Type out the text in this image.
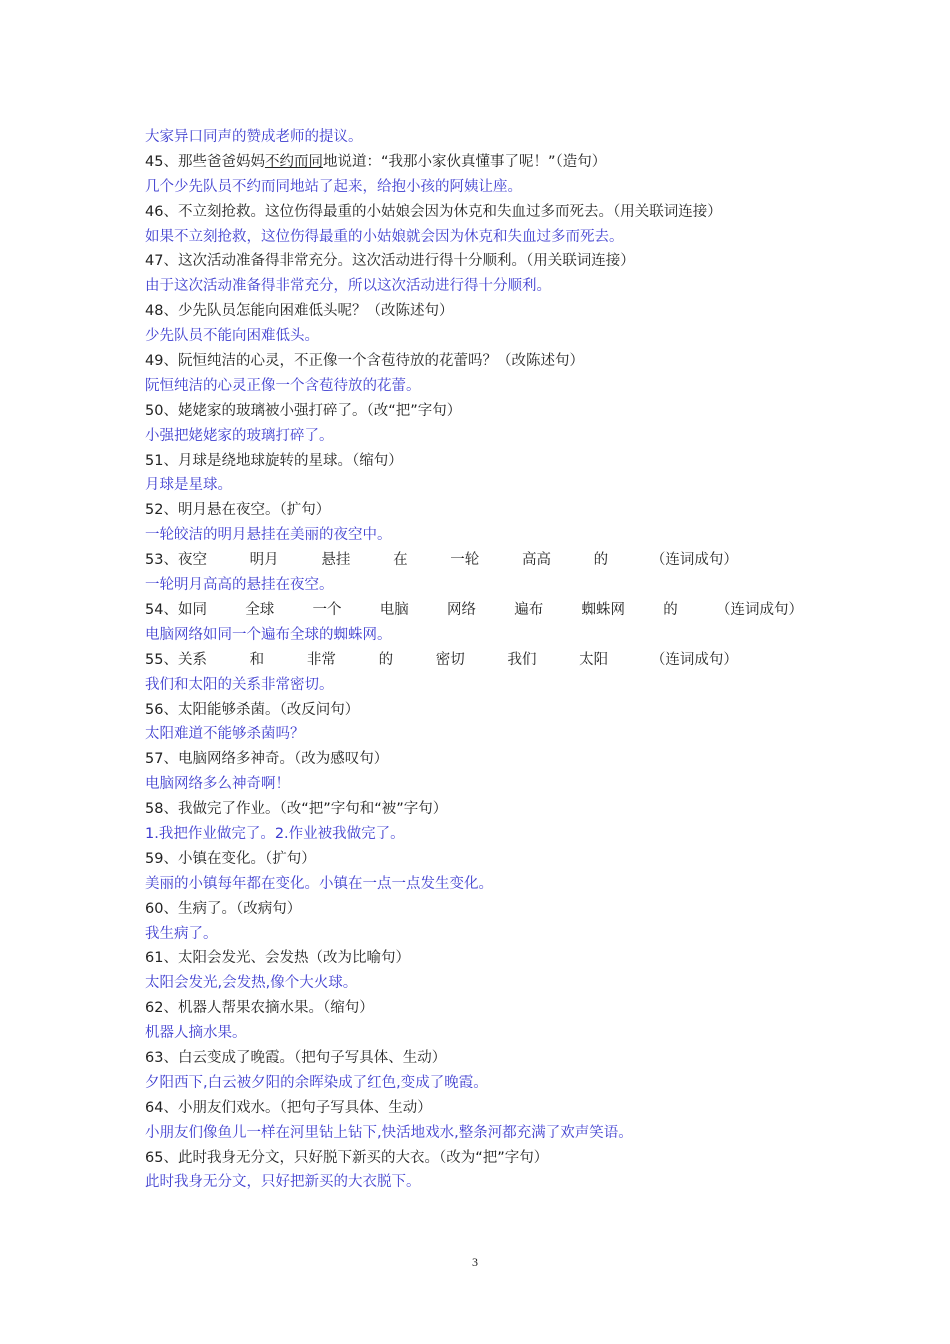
大家异口同声的赞成老师的提议。
45、那些爸爸妈妈不约而同地说道：“我那小家伙真懂事了呢！”（造句）
几个少先队员不约而同地站了起来，给抱小孩的阿姨让座。
46、不立刻抢救。这位伤得最重的小姑娘会因为休克和失血过多而死去。（用关联词连接）
如果不立刻抢救，这位伤得最重的小姑娘就会因为休克和失血过多而死去。
47、这次活动准备得非常充分。这次活动进行得十分顺利。（用关联词连接）
由于这次活动准备得非常充分，所以这次活动进行得十分顺利。
48、少先队员怎能向困难低头呢？（改陈述句）
少先队员不能向困难低头。
49、阮恒纯洁的心灵，不正像一个含苞待放的花蕾吗？（改陈述句）
阮恒纯洁的心灵正像一个含苞待放的花蕾。
50、姥姥家的玻璃被小强打碎了。（改“把”字句）
小强把姥姥家的玻璃打碎了。
51、月球是绕地球旋转的星球。（缩句）
月球是星球。
52、明月悬在夜空。（扩句）
一轮皎洁的明月悬挂在美丽的夜空中。
53、 夜空	明月	悬挂	在	一轮	高高	的	（连词成句）
一轮明月高高的悬挂在夜空。
54、 如同	全球	一个	电脑	网络	遍布	蜘蛛网	的	（连词成句）
电脑网络如同一个遍布全球的蜘蛛网。
55、 关系	和	非常	的	密切	我们	太阳	（连词成句）
我们和太阳的关系非常密切。
56、太阳能够杀菌。（改反问句）
太阳难道不能够杀菌吗？
57、电脑网络多神奇。（改为感叹句）
电脑网络多么神奇啊！
58、我做完了作业。（改“把”字句和“被”字句）
1.我把作业做完了。2.作业被我做完了。
59、小镇在变化。（扩句）
美丽的小镇每年都在变化。小镇在一点一点发生变化。
60、生病了。（改病句）
我生病了。
61、太阳会发光、会发热（改为比喻句）
太阳会发光,会发热,像个大火球。
62、机器人帮果农摘水果。（缩句）
机器人摘水果。
63、白云变成了晚霞。（把句子写具体、生动）
夕阳西下,白云被夕阳的余晖染成了红色,变成了晚霞。
64、小朋友们戏水。（把句子写具体、生动）
小朋友们像鱼儿一样在河里钻上钻下,快活地戏水,整条河都充满了欢声笑语。
65、此时我身无分文，只好脱下新买的大衣。（改为“把”字句）
此时我身无分文，只好把新买的大衣脱下。
3
